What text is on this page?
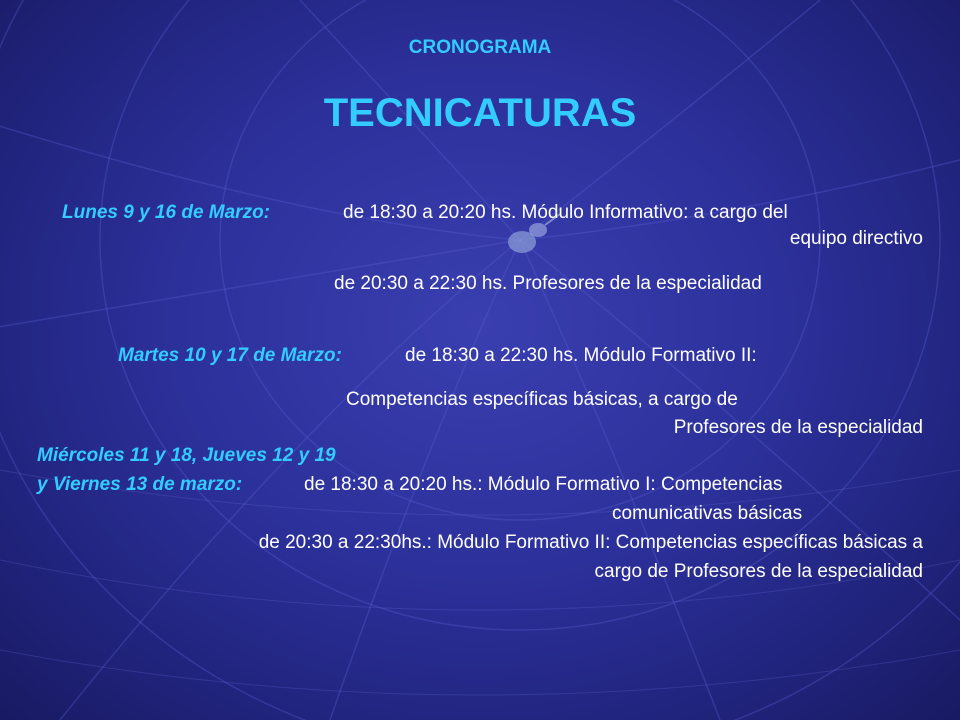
CRONOGRAMA
TECNICATURAS
Lunes 9 y 16 de Marzo:	de 18:30 a 20:20 hs. Módulo Informativo: a cargo del
equipo directivo
de 20:30 a 22:30 hs. Profesores de la especialidad
Martes 10 y 17 de Marzo:	de 18:30 a 22:30 hs. Módulo Formativo II:
Competencias específicas básicas, a cargo de
Profesores de la especialidad
Miércoles 11 y 18, Jueves 12 y 19
y Viernes 13 de marzo:	de 18:30 a 20:20 hs.: Módulo Formativo I: Competencias
comunicativas básicas
de 20:30 a 22:30hs.: Módulo Formativo II: Competencias específicas básicas a
cargo de Profesores de la especialidad
